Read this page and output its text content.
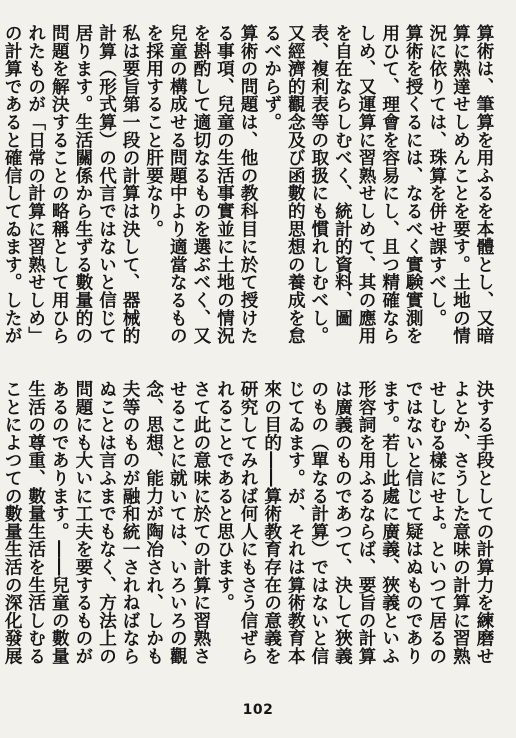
算術は、筆算を用ふるを本體とし、又暗算に熟達せしめんことを要す。土地の情況に依りては、珠算を併せ課すべし。

算術を授くるには、なるべく實験實測を用ひて、理會を容易にし、且つ精確ならしめ、又運算に習熟せしめて、其の應用を自在ならしむべく、統計的資料、圖表、複利表等の取扱にも慣れしむべし。又經濟的觀念及び函數的思想の養成を怠るべからず。

算術の問題は、他の教科目に於て授けたる事項、兒童の生活事實並に土地の情況を斟酌して適切なるものを選ぶべく、又兒童の構成せる問題中より適當なるものを採用すること肝要なり。

私は要旨第一段の計算は決して、器械的計算（形式算）の代言ではないと信じて居ります。生活關係から生ずる數量的の問題を解決することの略稱として用ひられたものが「日常の計算に習熟せしめ」の計算であると確信してゐます。したが

決する手段としての計算力を練磨せよとか、さうした意味の計算に習熟せしむる樣にせよ。といつて居るのではないと信じて疑はぬものであります。若し此處に廣義、狹義といふ形容詞を用ふるならば、要旨の計算は廣義のものであつて、決して狹義のもの（單なる計算）ではないと信じてゐます。が、それは算術教育本來の目的――算術教育存在の意義を研究してみれば何人にもさう信ぜられることであると思ひます。

さて此の意味に於ての計算に習熟させることに就いては、いろいろの觀念、思想、能力が陶冶され、しかも夫等のものが融和統一されねばならぬことは言ふまでもなく、方法上の問題にも大いに工夫を要するものがあるのであります。――兒童の數量生活の尊重、數量生活を生活しむることによつての數量生活の深化發展

102
